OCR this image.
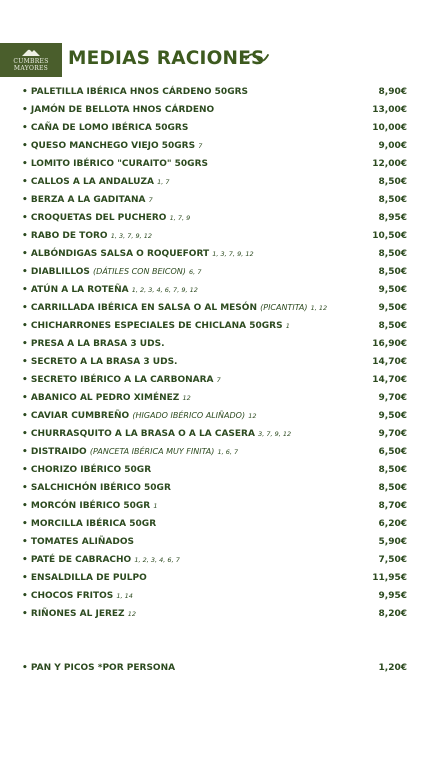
CUMBRES
MAYORES	MEDIAS RACIONES
• PALETILLA IBÉRICA HNOS CÁRDENO 50GRS	8,90€
• JAMÓN DE BELLOTA HNOS CÁRDENO	13,00€
• CAÑA DE LOMO IBÉRICA 50GRS	10,00€
• QUESO MANCHEGO VIEJO 50GRS 7	9,00€
• LOMITO IBÉRICO "CURAITO" 50GRS	12,00€
• CALLOS A LA ANDALUZA 1, 7	8,50€
• BERZA A LA GADITANA 7	8,50€
• CROQUETAS DEL PUCHERO 1, 7, 9	8,95€
• RABO DE TORO 1, 3, 7, 9, 12	10,50€
• ALBÓNDIGAS SALSA O ROQUEFORT 1, 3, 7, 9, 12	8,50€
• DIABLILLOS (DÁTILES CON BEICON) 6, 7	8,50€
• ATÚN A LA ROTEÑA 1, 2, 3, 4, 6, 7, 9, 12	9,50€
• CARRILLADA IBÉRICA EN SALSA O AL MESÓN (PICANTITA) 1, 12	9,50€
• CHICHARRONES ESPECIALES DE CHICLANA 50GRS 1	8,50€
• PRESA A LA BRASA 3 UDS.	16,90€
• SECRETO A LA BRASA 3 UDS.	14,70€
• SECRETO IBÉRICO A LA CARBONARA 7	14,70€
• ABANICO AL PEDRO XIMÉNEZ 12	9,70€
• CAVIAR CUMBREÑO (HIGADO IBÉRICO ALIÑADO) 12	9,50€
• CHURRASQUITO A LA BRASA O A LA CASERA 3, 7, 9, 12	9,70€
• DISTRAIDO (PANCETA IBÉRICA MUY FINITA) 1, 6, 7	6,50€
• CHORIZO IBÉRICO 50GR	8,50€
• SALCHICHÓN IBÉRICO 50GR	8,50€
• MORCÓN IBÉRICO 50GR 1	8,70€
• MORCILLA IBÉRICA 50GR	6,20€
• TOMATES ALIÑADOS	5,90€
• PATÉ DE CABRACHO 1, 2, 3, 4, 6, 7	7,50€
• ENSALDILLA DE PULPO	11,95€
• CHOCOS FRITOS 1, 14	9,95€
• RIÑONES AL JEREZ 12	8,20€
• PAN Y PICOS *POR PERSONA	1,20€
